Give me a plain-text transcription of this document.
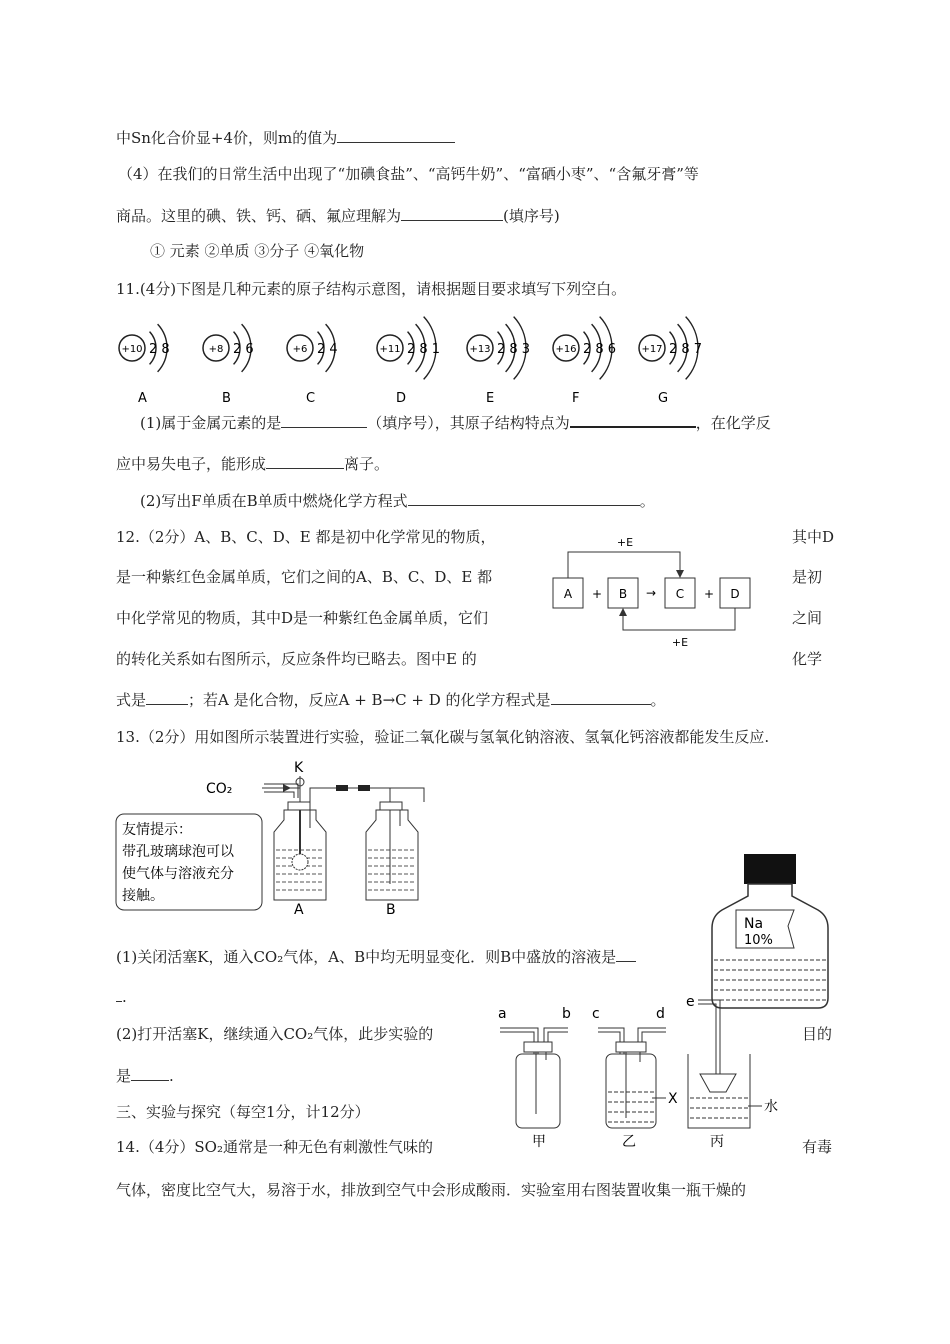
中Sn化合价显+4价，则m的值为
（4）在我们的日常生活中出现了“加碘食盐”、“高钙牛奶”、“富硒小枣”、“含氟牙膏”等
商品。这里的碘、铁、钙、硒、氟应理解为	(填序号)
① 元素 ②单质 ③分子 ④氧化物
11.(4分)下图是几种元素的原子结构示意图，请根据题目要求填写下列空白。
+10 2 8
A
+8 2 6
B
+6 2 4
C
+11 2 8 1
D
+13 2 8 3
E
+16 2 8 6
F
+17 2 8 7
G
(1)属于金属元素的是	（填序号），其原子结构特点为	，在化学反
应中易失电子，能形成	离子。
(2)写出F单质在B单质中燃烧化学方程式	。
12.（2分）A、B、C、D、E 都是初中化学常见的物质，	其中D
是一种紫红色金属单质，它们之间的A、B、C、D、E 都	是初
中化学常见的物质，其中D是一种紫红色金属单质，它们	之间
的转化关系如右图所示，反应条件均已略去。图中E 的	化学
A + B → C + D
+E
+E
式是	；若A 是化合物，反应A + B→C + D 的化学方程式是	。
13.（2分）用如图所示装置进行实验，验证二氧化碳与氢氧化钠溶液、氢氧化钙溶液都能发生反应.
CO₂
K
A	B
友情提示：
带孔玻璃球泡可以
使气体与溶液充分
接触。
(1)关闭活塞K，通入CO₂气体，A、B中均无明显变化．则B中盛放的溶液是
.
(2)打开活塞K，继续通入CO₂气体，此步实验的	目的
是	.
三、实验与探究（每空1分，计12分）
14.（4分）SO₂通常是一种无色有刺激性气味的	有毒
气体，密度比空气大，易溶于水，排放到空气中会形成酸雨．实验室用右图装置收集一瓶干燥的
Na
10%
a	b c	d
e
甲
X
乙
水
丙
